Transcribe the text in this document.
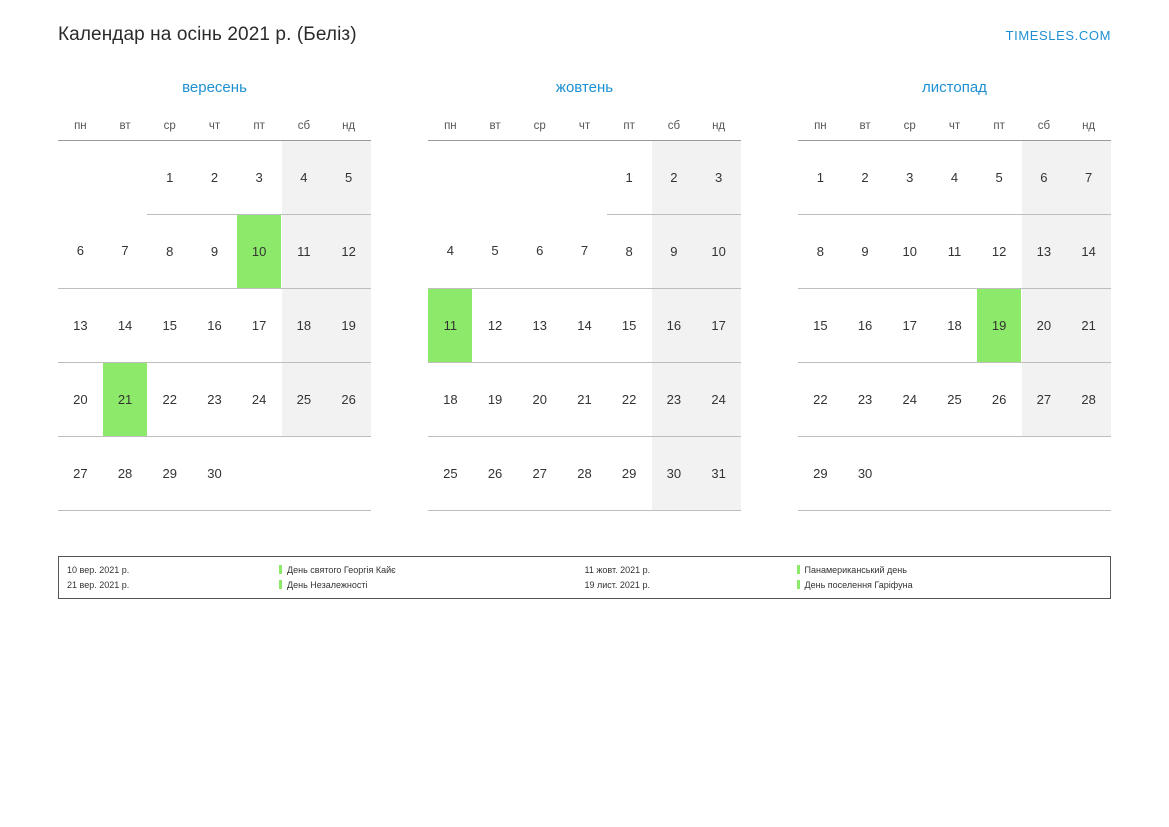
Календар на осінь 2021 р. (Беліз)	TIMESLES.COM
вересень
пн	вт	ср	чт	пт	сб	нд

		1	2	3	4	5

6	7	8	9	10	11	12

13	14	15	16	17	18	19

20	21	22	23	24	25	26

27	28	29	30			

жовтень
пн	вт	ср	чт	пт	сб	нд

				1	2	3

4	5	6	7	8	9	10

11	12	13	14	15	16	17

18	19	20	21	22	23	24

25	26	27	28	29	30	31
листопад
пн	вт	ср	чт	пт	сб	нд

1	2	3	4	5	6	7

8	9	10	11	12	13	14

15	16	17	18	19	20	21

22	23	24	25	26	27	28

29	30					

10 вер. 2021 р.	День святого Георгія Кайє
21 вер. 2021 р.	День Незалежності
11 жовт. 2021 р.	Панамериканський день
19 лист. 2021 р.	День поселення Гаріфуна
